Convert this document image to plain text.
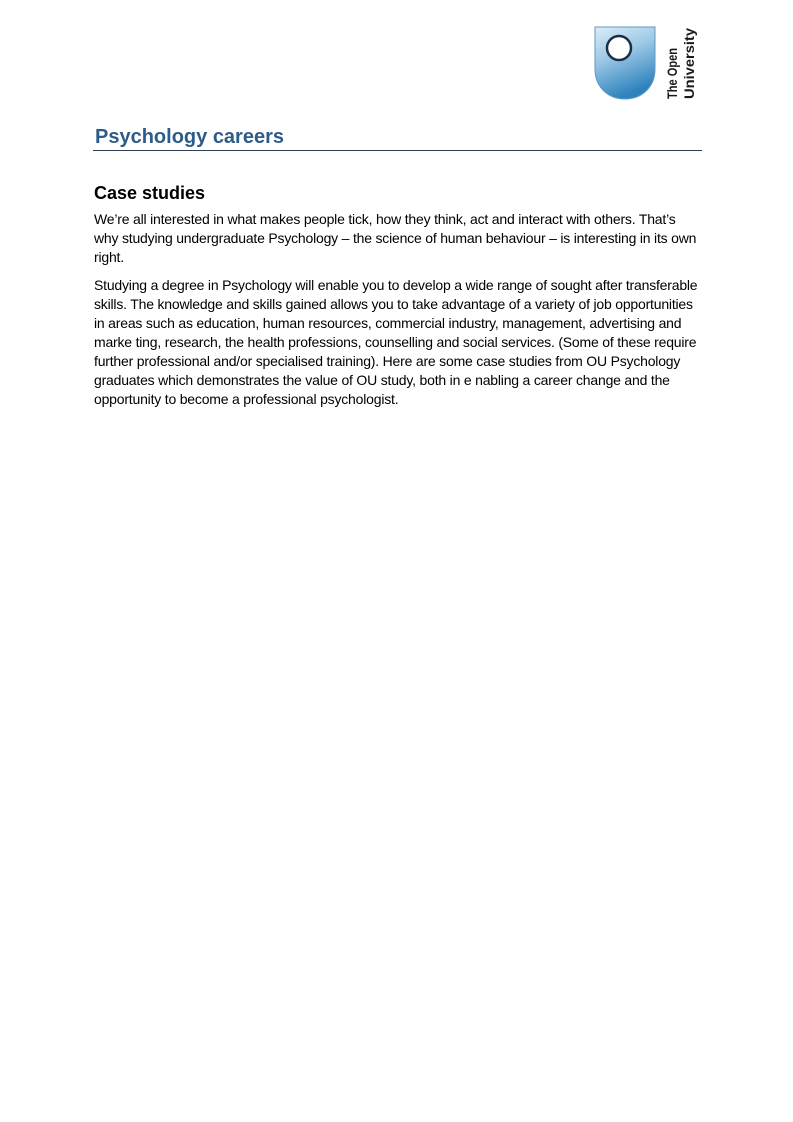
The Open University
Psychology careers
Case studies

We’re all interested in what makes people tick, how they think, act and interact with others. That’s why studying undergraduate Psychology – the science of human behaviour – is interesting in its own right.

Studying a degree in Psychology will enable you to develop a wide range of sought after transferable skills. The knowledge and skills gained allows you to take advantage of a variety of job opportunities in areas such as education, human resources, commercial industry, management, advertising and marke ting, research, the health professions, counselling and social services. (Some of these require further professional and/or specialised training). Here are some case studies from OU Psychology graduates which demonstrates the value of OU study, both in e nabling a career change and the opportunity to become a professional psychologist.
